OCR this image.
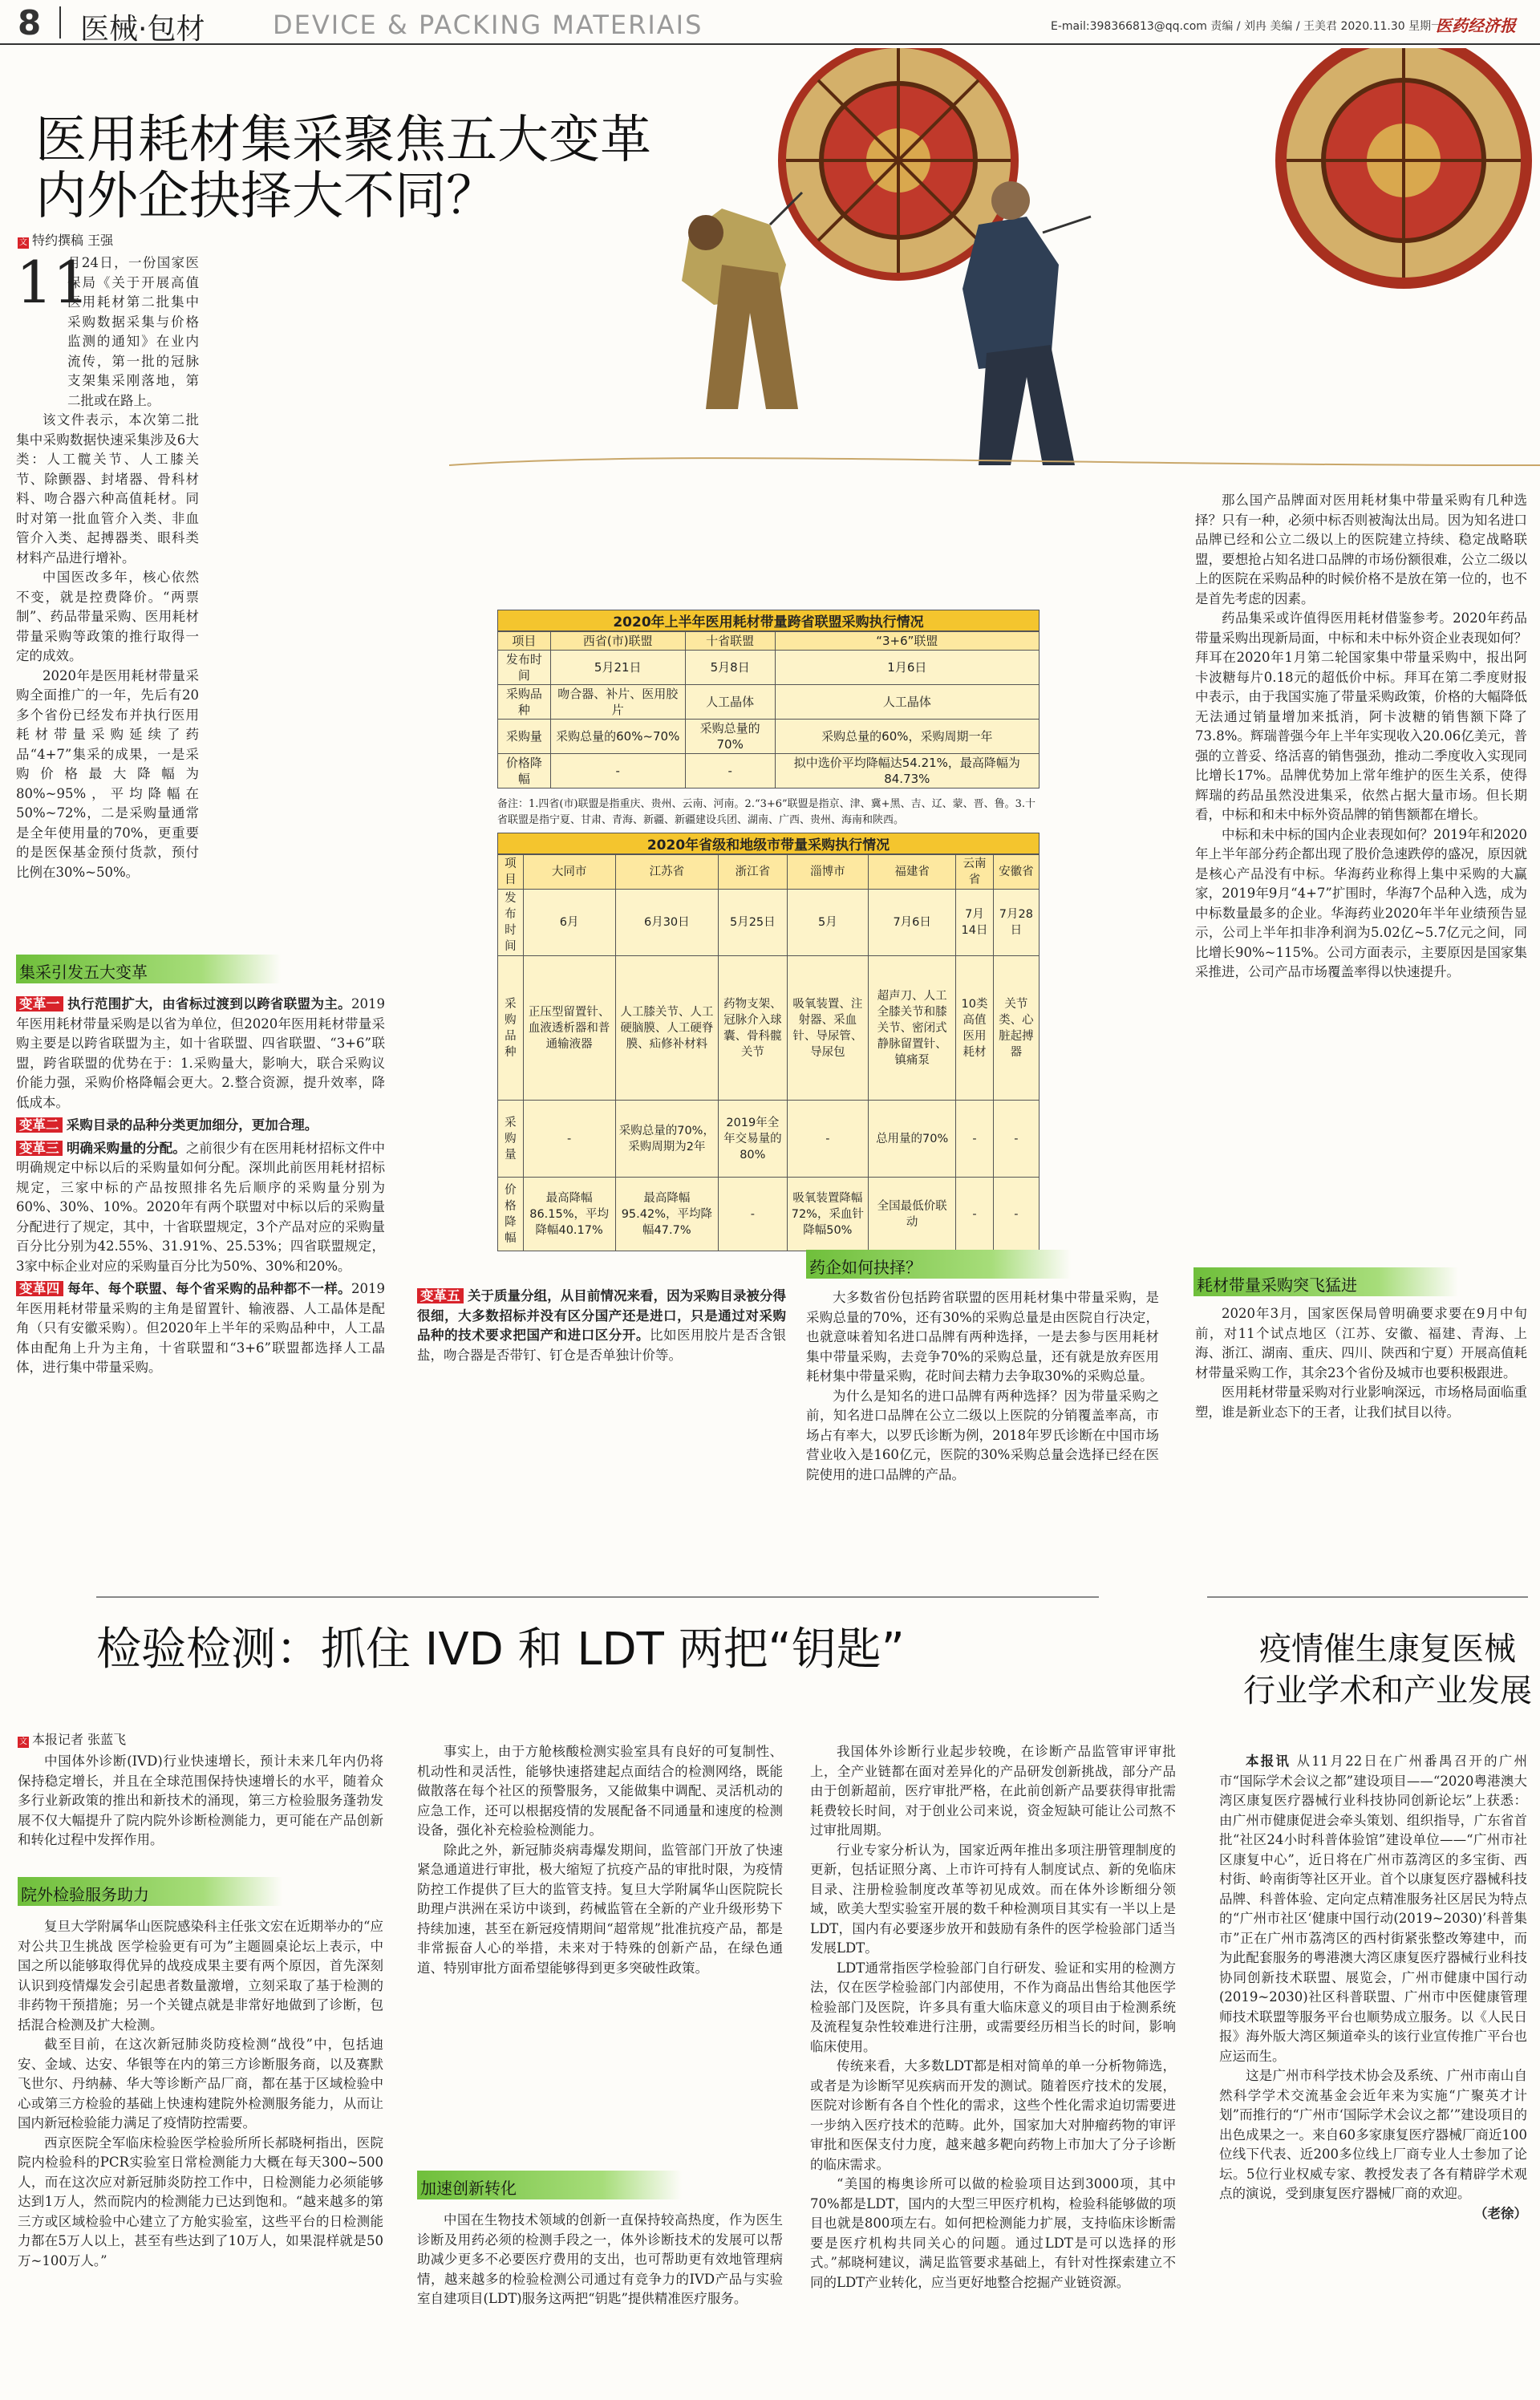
8 医械·包材	DEVICE & PACKING MATERIAIS	E-mail:398366813@qq.com 责编 / 刘冉 美编 / 王美君 2020.11.30 星期一
医药经济报
医用耗材集采聚焦五大变革
内外企抉择大不同？
文 特约撰稿 王强
11
月24日，一份国家医保局《关于开展高值医用耗材第二批集中采购数据采集与价格监测的通知》在业内流传，第一批的冠脉支架集采刚落地，第二批或在路上。

该文件表示，本次第二批集中采购数据快速采集涉及6大类：人工髋关节、人工膝关节、除颤器、封堵器、骨科材料、吻合器六种高值耗材。同时对第一批血管介入类、非血管介入类、起搏器类、眼科类材料产品进行增补。

中国医改多年，核心依然不变，就是控费降价。“两票制”、药品带量采购、医用耗材带量采购等政策的推行取得一定的成效。

2020年是医用耗材带量采购全面推广的一年，先后有20多个省份已经发布并执行医用耗材带量采购延续了药品“4+7”集采的成果，一是采购价格最大降幅为80%~95%，平均降幅在50%~72%，二是采购量通常是全年使用量的70%，更重要的是医保基金预付货款，预付比例在30%~50%。

集采引发五大变革
变革一 执行范围扩大，由省标过渡到以跨省联盟为主。2019年医用耗材带量采购是以省为单位，但2020年医用耗材带量采购主要是以跨省联盟为主，如十省联盟、四省联盟、“3+6”联盟，跨省联盟的优势在于：1.采购量大，影响大，联合采购议价能力强，采购价格降幅会更大。2.整合资源，提升效率，降低成本。
变革二 采购目录的品种分类更加细分，更加合理。
变革三 明确采购量的分配。之前很少有在医用耗材招标文件中明确规定中标以后的采购量如何分配。深圳此前医用耗材招标规定，三家中标的产品按照排名先后顺序的采购量分别为60%、30%、10%。2020年有两个联盟对中标以后的采购量分配进行了规定，其中，十省联盟规定，3个产品对应的采购量百分比分别为42.55%、31.91%、25.53%；四省联盟规定，3家中标企业对应的采购量百分比为50%、30%和20%。
变革四 每年、每个联盟、每个省采购的品种都不一样。2019年医用耗材带量采购的主角是留置针、输液器、人工晶体是配角（只有安徽采购）。但2020年上半年的采购品种中，人工晶体由配角上升为主角，十省联盟和“3+6”联盟都选择人工晶体，进行集中带量采购。
2020年上半年医用耗材带量跨省联盟采购执行情况
项目	西省(市)联盟	十省联盟	“3+6”联盟
发布时间	5月21日	5月8日	1月6日
采购品种	吻合器、补片、医用胶片	人工晶体	人工晶体
采购量	采购总量的60%~70%	采购总量的70%	采购总量的60%，采购周期一年
价格降幅	-	-	拟中选价平均降幅达54.21%，最高降幅为84.73%
备注：1.四省(市)联盟是指重庆、贵州、云南、河南。2.“3+6”联盟是指京、津、冀+黑、吉、辽、蒙、晋、鲁。3.十省联盟是指宁夏、甘肃、青海、新疆、新疆建设兵团、湖南、广西、贵州、海南和陕西。
2020年省级和地级市带量采购执行情况
项目	大同市	江苏省	浙江省	淄博市	福建省	云南省	安徽省
发布时间	6月	6月30日	5月25日	5月	7月6日	7月14日	7月28日
采购品种	正压型留置针、血液透析器和普通输液器	人工膝关节、人工硬脑膜、人工硬脊膜、疝修补材料	药物支架、冠脉介入球囊、骨科髋关节	吸氧装置、注射器、采血针、导尿管、导尿包	超声刀、人工全膝关节和膝关节、密闭式静脉留置针、镇痛泵	10类高值医用耗材	关节类、心脏起搏器
采购量	-	采购总量的70%，采购周期为2年	2019年全年交易量的80%	-	总用量的70%	-	-
价格降幅	最高降幅86.15%，平均降幅40.17%	最高降幅95.42%，平均降幅47.7%	-	吸氧装置降幅72%，采血针降幅50%	全国最低价联动	-	-
变革五 关于质量分组，从目前情况来看，因为采购目录被分得很细，大多数招标并没有区分国产还是进口，只是通过对采购品种的技术要求把国产和进口区分开。比如医用胶片是否含银盐，吻合器是否带钉、钉仓是否单独计价等。
药企如何抉择？

大多数省份包括跨省联盟的医用耗材集中带量采购，是采购总量的70%，还有30%的采购总量是由医院自行决定，也就意味着知名进口品牌有两种选择，一是去参与医用耗材集中带量采购，去竞争70%的采购总量，还有就是放弃医用耗材集中带量采购，花时间去精力去争取30%的采购总量。

为什么是知名的进口品牌有两种选择？因为带量采购之前，知名进口品牌在公立二级以上医院的分销覆盖率高，市场占有率大，以罗氏诊断为例，2018年罗氏诊断在中国市场营业收入是160亿元，医院的30%采购总量会选择已经在医院使用的进口品牌的产品。

那么国产品牌面对医用耗材集中带量采购有几种选择？只有一种，必须中标否则被淘汰出局。因为知名进口品牌已经和公立二级以上的医院建立持续、稳定战略联盟，要想抢占知名进口品牌的市场份额很难，公立二级以上的医院在采购品种的时候价格不是放在第一位的，也不是首先考虑的因素。

药品集采或许值得医用耗材借鉴参考。2020年药品带量采购出现新局面，中标和未中标外资企业表现如何？拜耳在2020年1月第二轮国家集中带量采购中，报出阿卡波糖每片0.18元的超低价中标。拜耳在第二季度财报中表示，由于我国实施了带量采购政策，价格的大幅降低无法通过销量增加来抵消，阿卡波糖的销售额下降了73.8%。辉瑞普强今年上半年实现收入20.06亿美元，普强的立普妥、络活喜的销售强劲，推动二季度收入实现同比增长17%。品牌优势加上常年维护的医生关系，使得辉瑞的药品虽然没进集采，依然占据大量市场。但长期看，中标和和未中标外资品牌的销售额都在增长。

中标和未中标的国内企业表现如何？2019年和2020年上半年部分药企都出现了股价急速跌停的盛况，原因就是核心产品没有中标。华海药业称得上集中采购的大赢家，2019年9月“4+7”扩围时，华海7个品种入选，成为中标数量最多的企业。华海药业2020年半年业绩预告显示，公司上半年扣非净利润为5.02亿~5.7亿元之间，同比增长90%~115%。公司方面表示，主要原因是国家集采推进，公司产品市场覆盖率得以快速提升。

耗材带量采购突飞猛进

2020年3月，国家医保局曾明确要求要在9月中旬前，对11个试点地区（江苏、安徽、福建、青海、上海、浙江、湖南、重庆、四川、陕西和宁夏）开展高值耗材带量采购工作，其余23个省份及城市也要积极跟进。

医用耗材带量采购对行业影响深远，市场格局面临重塑，谁是新业态下的王者，让我们拭目以待。

检验检测：抓住 IVD 和 LDT 两把“钥匙”
文 本报记者 张蓝飞

中国体外诊断(IVD)行业快速增长，预计未来几年内仍将保持稳定增长，并且在全球范围保持快速增长的水平，随着众多行业新政策的推出和新技术的涌现，第三方检验服务蓬勃发展不仅大幅提升了院内院外诊断检测能力，更可能在产品创新和转化过程中发挥作用。

院外检验服务助力

复旦大学附属华山医院感染科主任张文宏在近期举办的“应对公共卫生挑战 医学检验更有可为”主题圆桌论坛上表示，中国之所以能够取得优异的战疫成果主要有两个原因，首先深刻认识到疫情爆发会引起患者数量激增，立刻采取了基于检测的非药物干预措施；另一个关键点就是非常好地做到了诊断，包括混合检测及扩大检测。

截至目前，在这次新冠肺炎防疫检测“战役”中，包括迪安、金域、达安、华银等在内的第三方诊断服务商，以及赛默飞世尔、丹纳赫、华大等诊断产品厂商，都在基于区域检验中心或第三方检验的基础上快速构建院外检测服务能力，从而让国内新冠检验能力满足了疫情防控需要。

西京医院全军临床检验医学检验所所长郝晓柯指出，医院院内检验科的PCR实验室日常检测能力大概在每天300~500人，而在这次应对新冠肺炎防控工作中，日检测能力必须能够达到1万人，然而院内的检测能力已达到饱和。“越来越多的第三方或区域检验中心建立了方舱实验室，这些平台的日检测能力都在5万人以上，甚至有些达到了10万人，如果混样就是50万~100万人。”

事实上，由于方舱核酸检测实验室具有良好的可复制性、机动性和灵活性，能够快速搭建起点面结合的检测网络，既能做散落在每个社区的预警服务，又能做集中调配、灵活机动的应急工作，还可以根据疫情的发展配备不同通量和速度的检测设备，强化补充检验检测能力。

除此之外，新冠肺炎病毒爆发期间，监管部门开放了快速紧急通道进行审批，极大缩短了抗疫产品的审批时限，为疫情防控工作提供了巨大的监管支持。复旦大学附属华山医院院长助理卢洪洲在采访中谈到，药械监管在全新的产业升级形势下持续加速，甚至在新冠疫情期间“超常规”批准抗疫产品，都是非常振奋人心的举措，未来对于特殊的创新产品，在绿色通道、特别审批方面希望能够得到更多突破性政策。

加速创新转化

中国在生物技术领域的创新一直保持较高热度，作为医生诊断及用药必须的检测手段之一，体外诊断技术的发展可以帮助减少更多不必要医疗费用的支出，也可帮助更有效地管理病情，越来越多的检验检测公司通过有竞争力的IVD产品与实验室自建项目(LDT)服务这两把“钥匙”提供精准医疗服务。

我国体外诊断行业起步较晚，在诊断产品监管审评审批上，全产业链都在面对差异化的产品研发创新挑战，部分产品由于创新超前，医疗审批严格，在此前创新产品要获得审批需耗费较长时间，对于创业公司来说，资金短缺可能让公司熬不过审批周期。

行业专家分析认为，国家近两年推出多项注册管理制度的更新，包括证照分离、上市许可持有人制度试点、新的免临床目录、注册检验制度改革等初见成效。而在体外诊断细分领域，欧美大型实验室开展的数千种检测项目其实有一半以上是LDT，国内有必要逐步放开和鼓励有条件的医学检验部门适当发展LDT。

LDT通常指医学检验部门自行研发、验证和实用的检测方法，仅在医学检验部门内部使用，不作为商品出售给其他医学检验部门及医院，许多具有重大临床意义的项目由于检测系统及流程复杂性较难进行注册，或需要经历相当长的时间，影响临床使用。

传统来看，大多数LDT都是相对简单的单一分析物筛选，或者是为诊断罕见疾病而开发的测试。随着医疗技术的发展，医院对诊断有各自个性化的需求，这些个性化需求迫切需要进一步纳入医疗技术的范畴。此外，国家加大对肿瘤药物的审评审批和医保支付力度，越来越多靶向药物上市加大了分子诊断的临床需求。

“美国的梅奥诊所可以做的检验项目达到3000项，其中70%都是LDT，国内的大型三甲医疗机构，检验科能够做的项目也就是800项左右。如何把检测能力扩展，支持临床诊断需要是医疗机构共同关心的问题。通过LDT是可以选择的形式。”郝晓柯建议，满足监管要求基础上，有针对性探索建立不同的LDT产业转化，应当更好地整合挖掘产业链资源。

疫情催生康复医械
行业学术和产业发展

本报讯 从11月22日在广州番禺召开的广州市“国际学术会议之都”建设项目——“2020粤港澳大湾区康复医疗器械行业科技协同创新论坛”上获悉：由广州市健康促进会牵头策划、组织指导，广东省首批“社区24小时科普体验馆”建设单位——“广州市社区康复中心”，近日将在广州市荔湾区的多宝街、西村街、岭南街等社区开业。首个以康复医疗器械科技品牌、科普体验、定向定点精准服务社区居民为特点的“广州市社区‘健康中国行动(2019~2030)’科普集市”正在广州市荔湾区的西村街紧张整改筹建中，而为此配套服务的粤港澳大湾区康复医疗器械行业科技协同创新技术联盟、展览会，广州市健康中国行动(2019~2030)社区科普联盟、广州市中医健康管理师技术联盟等服务平台也顺势成立服务。以《人民日报》海外版大湾区频道牵头的该行业宣传推广平台也应运而生。

这是广州市科学技术协会及系统、广州市南山自然科学学术交流基金会近年来为实施“广聚英才计划”而推行的“广州市‘国际学术会议之都’”建设项目的出色成果之一。来自60多家康复医疗器械厂商近100位线下代表、近200多位线上厂商专业人士参加了论坛。5位行业权威专家、教授发表了各有精辟学术观点的演说，受到康复医疗器械厂商的欢迎。

（老徐）
